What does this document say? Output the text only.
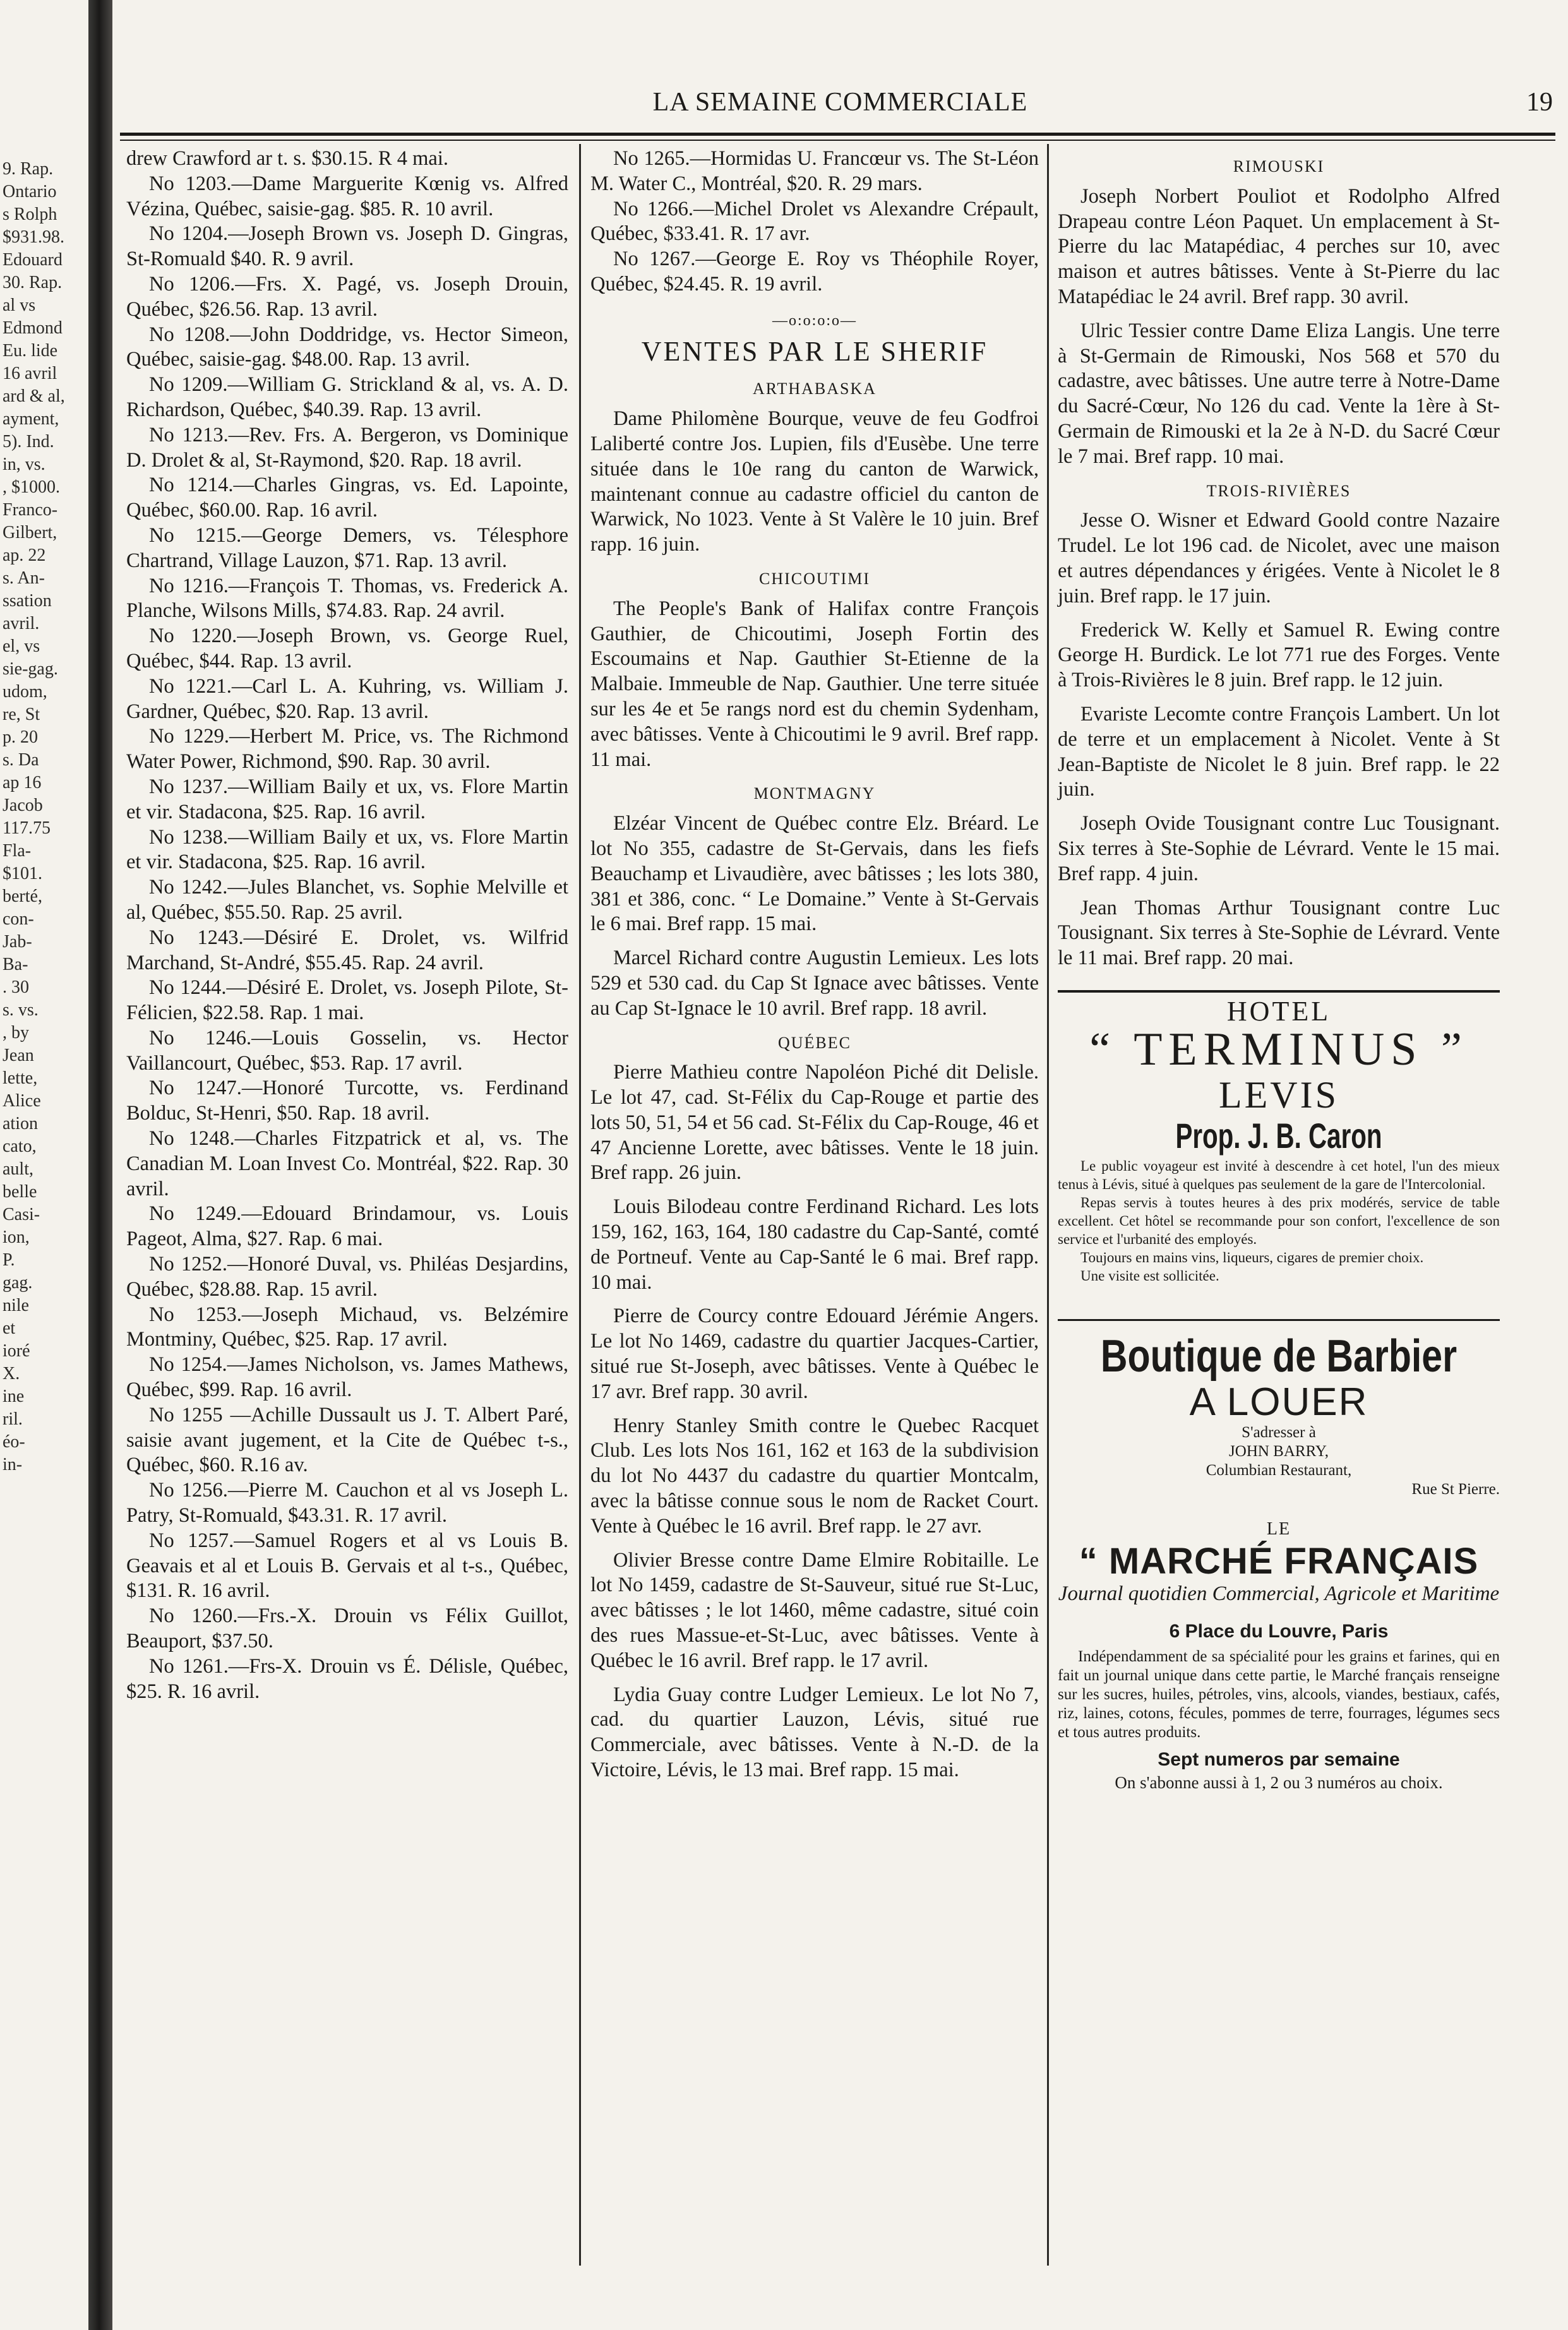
9. Rap.
Ontario
s Rolph
$931.98.
Edouard
30. Rap.
al vs
Edmond
Eu. lide
16 avril
ard & al,
ayment,
5). Ind.
in, vs.
, $1000.
Franco-
Gilbert,
ap. 22
s. An-
ssation
avril.
el, vs
sie-gag.
udom,
re, St
p. 20
s. Da
ap 16
Jacob
117.75
Fla-
$101.
berté,
con-
Jab-
Ba-
. 30
s. vs.
, by
Jean
lette,
Alice
ation
cato,
ault,
belle
Casi-
ion,
P.
gag.
nile
et
ioré
X.
ine
ril.
éo-
in-
LA SEMAINE COMMERCIALE	19

drew Crawford ar t. s. $30.15. R 4 mai.

No 1203.—Dame Marguerite Kœnig vs. Alfred Vézina, Québec, saisie-gag. $85. R. 10 avril.

No 1204.—Joseph Brown vs. Joseph D. Gingras, St-Romuald $40. R. 9 avril.

No 1206.—Frs. X. Pagé, vs. Joseph Drouin, Québec, $26.56. Rap. 13 avril.

No 1208.—John Doddridge, vs. Hector Simeon, Québec, saisie-gag. $48.00. Rap. 13 avril.

No 1209.—William G. Strickland & al, vs. A. D. Richardson, Québec, $40.39. Rap. 13 avril.

No 1213.—Rev. Frs. A. Bergeron, vs Dominique D. Drolet & al, St-Raymond, $20. Rap. 18 avril.

No 1214.—Charles Gingras, vs. Ed. Lapointe, Québec, $60.00. Rap. 16 avril.

No 1215.—George Demers, vs. Télesphore Chartrand, Village Lauzon, $71. Rap. 13 avril.

No 1216.—François T. Thomas, vs. Frederick A. Planche, Wilsons Mills, $74.83. Rap. 24 avril.

No 1220.—Joseph Brown, vs. George Ruel, Québec, $44. Rap. 13 avril.

No 1221.—Carl L. A. Kuhring, vs. William J. Gardner, Québec, $20. Rap. 13 avril.

No 1229.—Herbert M. Price, vs. The Richmond Water Power, Richmond, $90. Rap. 30 avril.

No 1237.—William Baily et ux, vs. Flore Martin et vir. Stadacona, $25. Rap. 16 avril.

No 1238.—William Baily et ux, vs. Flore Martin et vir. Stadacona, $25. Rap. 16 avril.

No 1242.—Jules Blanchet, vs. Sophie Melville et al, Québec, $55.50. Rap. 25 avril.

No 1243.—Désiré E. Drolet, vs. Wilfrid Marchand, St-André, $55.45. Rap. 24 avril.

No 1244.—Désiré E. Drolet, vs. Joseph Pilote, St-Félicien, $22.58. Rap. 1 mai.

No 1246.—Louis Gosselin, vs. Hector Vaillancourt, Québec, $53. Rap. 17 avril.

No 1247.—Honoré Turcotte, vs. Ferdinand Bolduc, St-Henri, $50. Rap. 18 avril.

No 1248.—Charles Fitzpatrick et al, vs. The Canadian M. Loan Invest Co. Montréal, $22. Rap. 30 avril.

No 1249.—Edouard Brindamour, vs. Louis Pageot, Alma, $27. Rap. 6 mai.

No 1252.—Honoré Duval, vs. Philéas Desjardins, Québec, $28.88. Rap. 15 avril.

No 1253.—Joseph Michaud, vs. Belzémire Montminy, Québec, $25. Rap. 17 avril.

No 1254.—James Nicholson, vs. James Mathews, Québec, $99. Rap. 16 avril.

No 1255 —Achille Dussault us J. T. Albert Paré, saisie avant jugement, et la Cite de Québec t-s., Québec, $60. R.16 av.

No 1256.—Pierre M. Cauchon et al vs Joseph L. Patry, St-Romuald, $43.31. R. 17 avril.

No 1257.—Samuel Rogers et al vs Louis B. Geavais et al et Louis B. Gervais et al t-s., Québec, $131. R. 16 avril.

No 1260.—Frs.-X. Drouin vs Félix Guillot, Beauport, $37.50.

No 1261.—Frs-X. Drouin vs É. Délisle, Québec, $25. R. 16 avril.

No 1265.—Hormidas U. Francœur vs. The St-Léon M. Water C., Montréal, $20. R. 29 mars.

No 1266.—Michel Drolet vs Alexandre Crépault, Québec, $33.41. R. 17 avr.

No 1267.—George E. Roy vs Théophile Royer, Québec, $24.45. R. 19 avril.

—o:o:o:o—
VENTES PAR LE SHERIF
ARTHABASKA

Dame Philomène Bourque, veuve de feu Godfroi Laliberté contre Jos. Lupien, fils d'Eusèbe. Une terre située dans le 10e rang du canton de Warwick, maintenant connue au cadastre officiel du canton de Warwick, No 1023. Vente à St Valère le 10 juin. Bref rapp. 16 juin.

CHICOUTIMI

The People's Bank of Halifax contre François Gauthier, de Chicoutimi, Joseph Fortin des Escoumains et Nap. Gauthier St-Etienne de la Malbaie. Immeuble de Nap. Gauthier. Une terre située sur les 4e et 5e rangs nord est du chemin Sydenham, avec bâtisses. Vente à Chicoutimi le 9 avril. Bref rapp. 11 mai.

MONTMAGNY

Elzéar Vincent de Québec contre Elz. Bréard. Le lot No 355, cadastre de St-Gervais, dans les fiefs Beauchamp et Livaudière, avec bâtisses ; les lots 380, 381 et 386, conc. “ Le Domaine.” Vente à St-Gervais le 6 mai. Bref rapp. 15 mai.

Marcel Richard contre Augustin Lemieux. Les lots 529 et 530 cad. du Cap St Ignace avec bâtisses. Vente au Cap St-Ignace le 10 avril. Bref rapp. 18 avril.

QUÉBEC

Pierre Mathieu contre Napoléon Piché dit Delisle. Le lot 47, cad. St-Félix du Cap-Rouge et partie des lots 50, 51, 54 et 56 cad. St-Félix du Cap-Rouge, 46 et 47 Ancienne Lorette, avec bâtisses. Vente le 18 juin. Bref rapp. 26 juin.

Louis Bilodeau contre Ferdinand Richard. Les lots 159, 162, 163, 164, 180 cadastre du Cap-Santé, comté de Portneuf. Vente au Cap-Santé le 6 mai. Bref rapp. 10 mai.

Pierre de Courcy contre Edouard Jérémie Angers. Le lot No 1469, cadastre du quartier Jacques-Cartier, situé rue St-Joseph, avec bâtisses. Vente à Québec le 17 avr. Bref rapp. 30 avril.

Henry Stanley Smith contre le Quebec Racquet Club. Les lots Nos 161, 162 et 163 de la subdivision du lot No 4437 du cadastre du quartier Montcalm, avec la bâtisse connue sous le nom de Racket Court. Vente à Québec le 16 avril. Bref rapp. le 27 avr.

Olivier Bresse contre Dame Elmire Robitaille. Le lot No 1459, cadastre de St-Sauveur, situé rue St-Luc, avec bâtisses ; le lot 1460, même cadastre, situé coin des rues Massue-et-St-Luc, avec bâtisses. Vente à Québec le 16 avril. Bref rapp. le 17 avril.

Lydia Guay contre Ludger Lemieux. Le lot No 7, cad. du quartier Lauzon, Lévis, situé rue Commerciale, avec bâtisses. Vente à N.-D. de la Victoire, Lévis, le 13 mai. Bref rapp. 15 mai.

RIMOUSKI

Joseph Norbert Pouliot et Rodolpho Alfred Drapeau contre Léon Paquet. Un emplacement à St-Pierre du lac Matapédiac, 4 perches sur 10, avec maison et autres bâtisses. Vente à St-Pierre du lac Matapédiac le 24 avril. Bref rapp. 30 avril.

Ulric Tessier contre Dame Eliza Langis. Une terre à St-Germain de Rimouski, Nos 568 et 570 du cadastre, avec bâtisses. Une autre terre à Notre-Dame du Sacré-Cœur, No 126 du cad. Vente la 1ère à St-Germain de Rimouski et la 2e à N-D. du Sacré Cœur le 7 mai. Bref rapp. 10 mai.

TROIS-RIVIÈRES

Jesse O. Wisner et Edward Goold contre Nazaire Trudel. Le lot 196 cad. de Nicolet, avec une maison et autres dépendances y érigées. Vente à Nicolet le 8 juin. Bref rapp. le 17 juin.

Frederick W. Kelly et Samuel R. Ewing contre George H. Burdick. Le lot 771 rue des Forges. Vente à Trois-Rivières le 8 juin. Bref rapp. le 12 juin.

Evariste Lecomte contre François Lambert. Un lot de terre et un emplacement à Nicolet. Vente à St Jean-Baptiste de Nicolet le 8 juin. Bref rapp. le 22 juin.

Joseph Ovide Tousignant contre Luc Tousignant. Six terres à Ste-Sophie de Lévrard. Vente le 15 mai. Bref rapp. 4 juin.

Jean Thomas Arthur Tousignant contre Luc Tousignant. Six terres à Ste-Sophie de Lévrard. Vente le 11 mai. Bref rapp. 20 mai.

HOTEL
“ TERMINUS ”
LEVIS
Prop. J. B. Caron

Le public voyageur est invité à descendre à cet hotel, l'un des mieux tenus à Lévis, situé à quelques pas seulement de la gare de l'Intercolonial.

Repas servis à toutes heures à des prix modérés, service de table excellent. Cet hôtel se recommande pour son confort, l'excellence de son service et l'urbanité des employés.

Toujours en mains vins, liqueurs, cigares de premier choix.

Une visite est sollicitée.

Boutique de Barbier
A LOUER
S'adresser à
JOHN BARRY,
Columbian Restaurant,
Rue St Pierre.
LE
“ MARCHÉ FRANÇAIS
Journal quotidien Commercial, Agricole et Maritime
6 Place du Louvre, Paris
Indépendamment de sa spécialité pour les grains et farines, qui en fait un journal unique dans cette partie, le Marché français renseigne sur les sucres, huiles, pétroles, vins, alcools, viandes, bestiaux, cafés, riz, laines, cotons, fécules, pommes de terre, fourrages, légumes secs et tous autres produits.
Sept numeros par semaine
On s'abonne aussi à 1, 2 ou 3 numéros au choix.
